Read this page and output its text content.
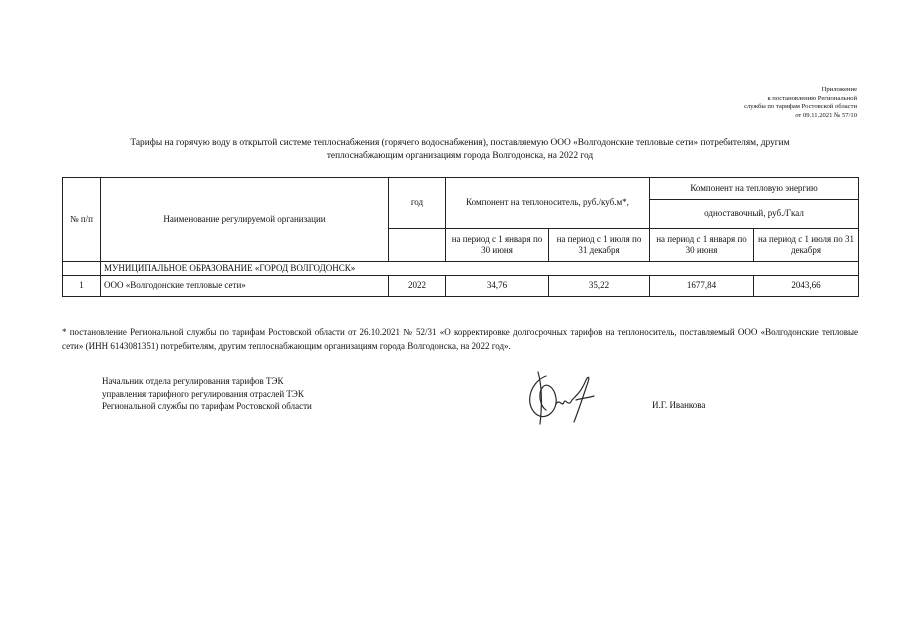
Приложение
к постановлению Региональной
службы по тарифам Ростовской области
от 09.11.2021 № 57/10
Тарифы на горячую воду в открытой системе теплоснабжения (горячего водоснабжения), поставляемую ООО «Волгодонские тепловые сети» потребителям, другим
теплоснабжающим организациям города Волгодонска, на 2022 год
№ п/п	Наименование регулируемой организации	год	Компонент на теплоноситель, руб./куб.м*,		Компонент на тепловую энергию	
					одноставочный, руб./Гкал	
			на период с 1 января по 30 июня	на период с 1 июля по 31 декабря	на период с 1 января по 30 июня	на период с 1 июля по 31 декабря
	МУНИЦИПАЛЬНОЕ ОБРАЗОВАНИЕ «ГОРОД ВОЛГОДОНСК»					
1	ООО «Волгодонские тепловые сети»	2022	34,76	35,22	1677,84	2043,66
* постановление Региональной службы по тарифам Ростовской области от 26.10.2021 № 52/31 «О корректировке долгосрочных тарифов на теплоноситель, поставляемый ООО «Волгодонские тепловые сети» (ИНН 6143081351) потребителям, другим теплоснабжающим организациям города Волгодонска, на 2022 год».
Начальник отдела регулирования тарифов ТЭК
управления тарифного регулирования отраслей ТЭК
Региональной службы по тарифам Ростовской области	И.Г. Иванкова
